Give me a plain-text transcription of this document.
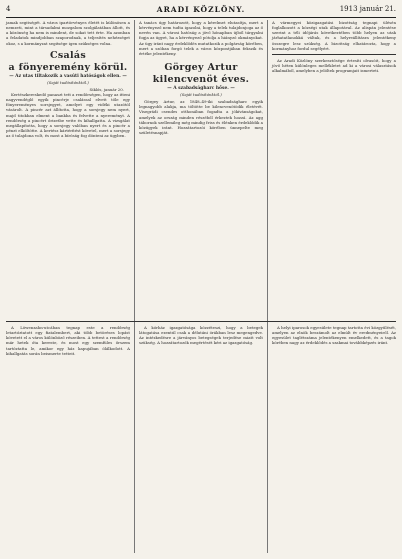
4	ARADI KÖZLÖNY.	1913 január 21.

jamak segitségét. A város ipartörvényes életét is különösen a nemzeti, mint a társadalmi mozgalom szolgálatában állott, és a közönség ha nem is mindent, de sokat tett érte. Ha azonban a feladatok mindjobban szaporodnak, a teljesítés nehézséget okoz, s a kormányzat segitsége igen szükséges volna.

Csalás
a fönyeremény körül.
— Az utas tiltakozik a vasúti hatóságok ellen. —
(Saját tudósítónktól.)

Siklós, január 20.

Kertészkereskedő panaszt tett a rendőrségen, hogy az itteni nagyvendéglő egyik pincérje csalással elvett tőle egy fönyereményes sorsjegyet, amelyet egy vidéki utazótól vásárolt. A pincér azt állította, hogy a sorsjegy nem nyert, majd titokban elment a bankba és felvette a nyereményt. A rendőrség a pincért őrizetbe vette és kihallgatta. A vizsgálat megállapította, hogy a sorsjegy valóban nyert és a pincér a pénzt elköltötte. A kertész kártérítést követel, mert a sorsjegy az ő tulajdona volt, és most a bíróság fog dönteni az ügyben.

A tanács úgy határozott, hogy a kérelmet elutasítja, mert a kérvényező nem tudta igazolni, hogy a telek tulajdonjoga az ő nevén van. A városi hatóság a jövő hónapban újból tárgyalni fogja az ügyet, ha a kérvényező pótolja a hiányzó okmányokat. Az ügy iránt nagy érdeklődés mutatkozik a polgárság körében, mert a szóban forgó telek a város központjában fekszik és értéke jelentékeny.

Görgey Artur
kilencvenöt éves.
— A szabadságharc hőse. —
(Saját tudósítónktól.)

Görgey Artur, az 1848–49-iki szabadságharc egyik legnagyobb alakja, ma töltötte be kilencvenötödik életévét. Visegrádi csendes otthonában fogadta a jókívánságokat, amelyek az ország minden részéből érkeztek hozzá. Az agg tábornok szellemileg még mindig friss és élénken érdeklődik a közügyek iránt. Hozzátartozói körében ünnepelte meg születésnapját.

A vármegyei közigazgatási bizottság tegnapi ülésén foglalkozott a községi utak állapotával. Az alispán jelentése szerint a téli időjárás következtében több helyen az utak járhatatlanokká váltak, és a helyreállításra jelentékeny összegre lesz szükség. A bizottság elhatározta, hogy a kormányhoz fordul segélyért.

Az Aradi Közlöny szerkesztősége értesíti olvasóit, hogy a jövő héten különleges mellékletet ad ki a városi választások alkalmából, amelyben a jelöltek programjait ismerteti.

A Löwenzahn-utcában tegnap este a rendőrség letartóztatott egy fiatalembert, aki több betöréses lopást követett el a város különböző részeiben. A tettest a rendőrség már hetek óta kereste, és most egy szemfüles őrszem tartóztatta le, amikor egy ház kapujában ólálkodott. A kihallgatás során beismerte tetteit.

A kórház igazgatósága közzéteszi, hogy a betegek látogatása ezentúl csak a délutáni órákban lesz megengedve. Az intézkedésre a járványos betegségek terjedése miatt volt szükség. A hozzátartozók megértését kéri az igazgatóság.

A helyi iparosok egyesülete tegnap tartotta évi közgyűlését, amelyen az elnök beszámolt az elmúlt év eredményeiről. Az egyesület taglétszáma jelentékenyen emelkedett, és a tagok körében nagy az érdeklődés a szakmai továbbképzés iránt.
